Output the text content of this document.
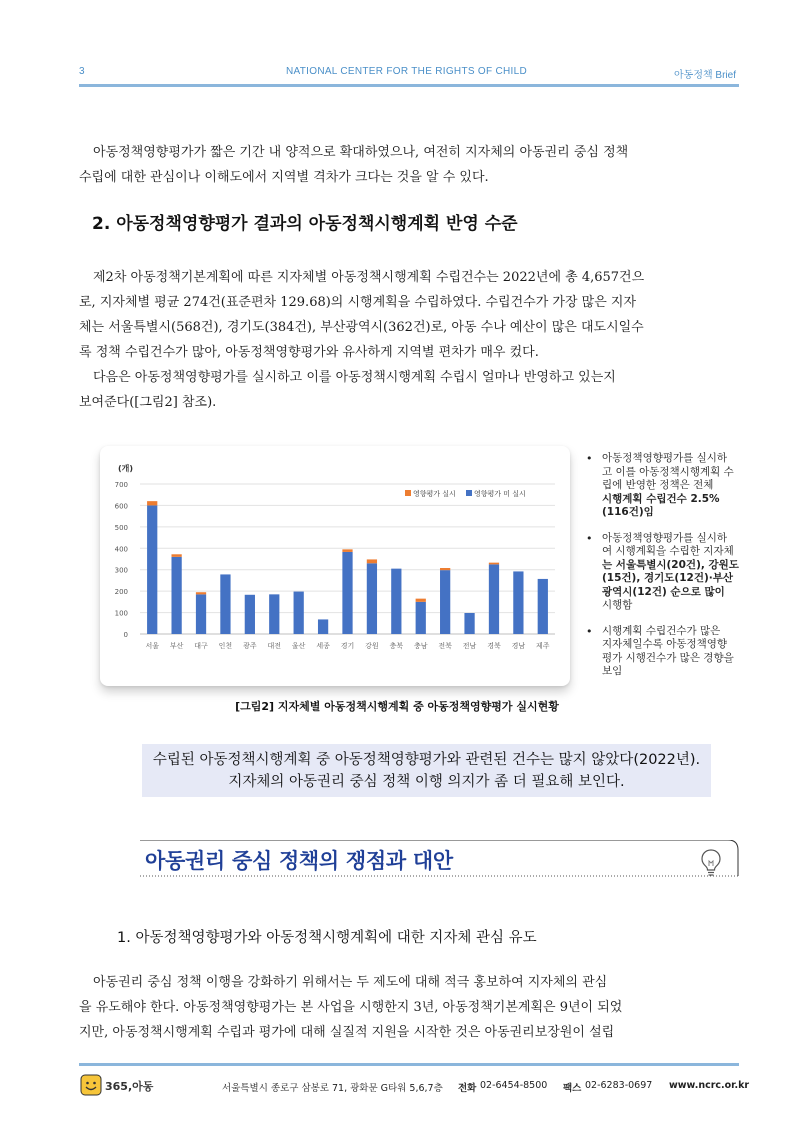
3	NATIONAL CENTER FOR THE RIGHTS OF CHILD	아동정책 Brief

아동정책영향평가가 짧은 기간 내 양적으로 확대하였으나, 여전히 지자체의 아동권리 중심 정책
수립에 대한 관심이나 이해도에서 지역별 격차가 크다는 것을 알 수 있다.

2. 아동정책영향평가 결과의 아동정책시행계획 반영 수준

제2차 아동정책기본계획에 따른 지자체별 아동정책시행계획 수립건수는 2022년에 총 4,657건으
로, 지자체별 평균 274건(표준편차 129.68)의 시행계획을 수립하였다. 수립건수가 가장 많은 지자
체는 서울특별시(568건), 경기도(384건), 부산광역시(362건)로, 아동 수나 예산이 많은 대도시일수
록 정책 수립건수가 많아, 아동정책영향평가와 유사하게 지역별 편차가 매우 컸다.
다음은 아동정책영향평가를 실시하고 이를 아동정책시행계획 수립시 얼마나 반영하고 있는지
보여준다([그림2] 참조).

(개)
0
100
200
300
400
500
600
700
서울 부산 대구 인천 광주 대전 울산 세종 경기 강원 충북 충남 전북 전남 경북 경남 제주
영향평가 실시	영향평가 미 실시
• 아동정책영향평가를 실시하
고 이를 아동정책시행계획 수
립에 반영한 정책은 전체
시행계획 수립건수 2.5%
(116건)임
• 아동정책영향평가를 실시하
여 시행계획을 수립한 지자체
는 서울특별시(20건), 강원도
(15건), 경기도(12건)·부산
광역시(12건) 순으로 많이
시행함
• 시행계획 수립건수가 많은
지자체일수록 아동정책영향
평가 시행건수가 많은 경향을
보임
[그림2] 지자체별 아동정책시행계획 중 아동정책영향평가 실시현황
수립된 아동정책시행계획 중 아동정책영향평가와 관련된 건수는 많지 않았다(2022년).
지자체의 아동권리 중심 정책 이행 의지가 좀 더 필요해 보인다.
아동권리 중심 정책의 쟁점과 대안
1. 아동정책영향평가와 아동정책시행계획에 대한 지자체 관심 유도

아동권리 중심 정책 이행을 강화하기 위해서는 두 제도에 대해 적극 홍보하여 지자체의 관심
을 유도해야 한다. 아동정책영향평가는 본 사업을 시행한지 3년, 아동정책기본계획은 9년이 되었
지만, 아동정책시행계획 수립과 평가에 대해 실질적 지원을 시작한 것은 아동권리보장원이 설립

365,아동	서울특별시 종로구 삼봉로 71, 광화문 G타워 5,6,7층 전화 02-6454-8500 팩스 02-6283-0697 www.ncrc.or.kr
